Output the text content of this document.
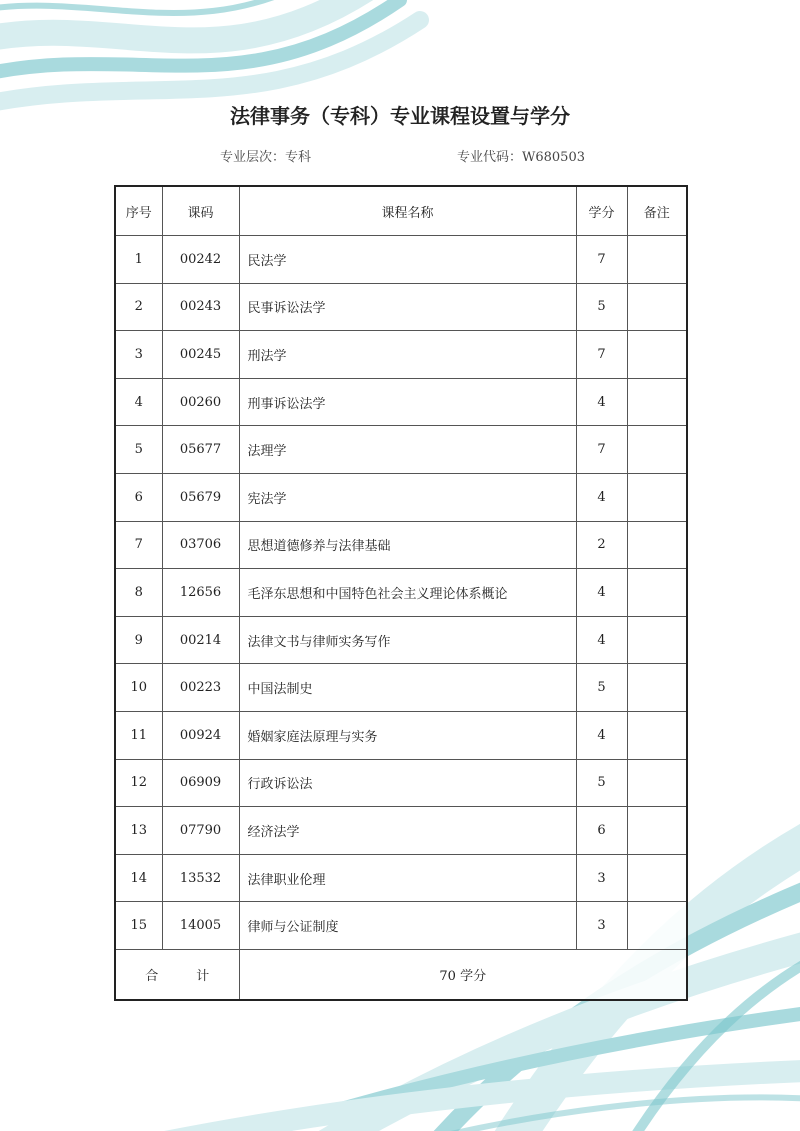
法律事务（专科）专业课程设置与学分
专业层次：专科	专业代码：W680503
序号	课码	课程名称	学分	备注
1	00242	民法学	7	
2	00243	民事诉讼法学	5	
3	00245	刑法学	7	
4	00260	刑事诉讼法学	4	
5	05677	法理学	7	
6	05679	宪法学	4	
7	03706	思想道德修养与法律基础	2	
8	12656	毛泽东思想和中国特色社会主义理论体系概论	4	
9	00214	法律文书与律师实务写作	4	
10	00223	中国法制史	5	
11	00924	婚姻家庭法原理与实务	4	
12	06909	行政诉讼法	5	
13	07790	经济法学	6	
14	13532	法律职业伦理	3	
15	14005	律师与公证制度	3	
合 计		70 学分		
